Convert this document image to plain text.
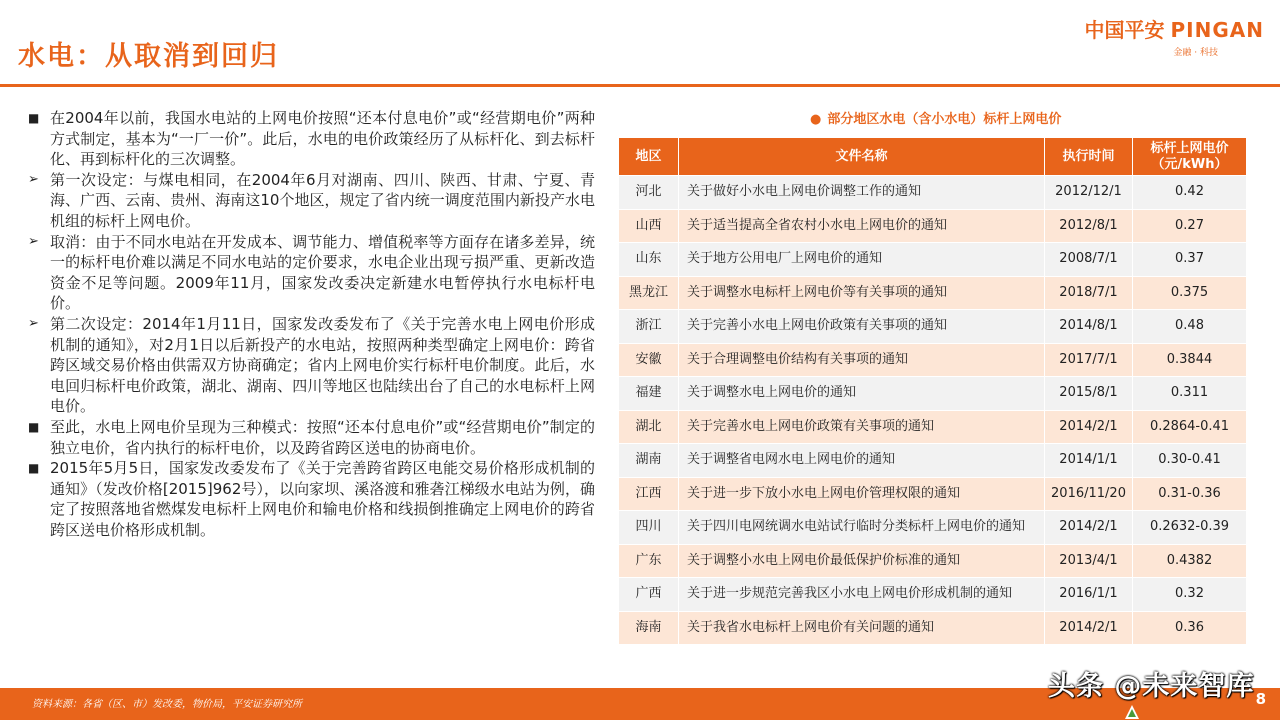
水电：从取消到回归
中国平安 PINGAN
金融 · 科技
■ 在2004年以前，我国水电站的上网电价按照“还本付息电价”或“经营期电价”两种方式制定，基本为“一厂一价”。此后，水电的电价政策经历了从标杆化、到去标杆化、再到标杆化的三次调整。
➢ 第一次设定：与煤电相同，在2004年6月对湖南、四川、陕西、甘肃、宁夏、青海、广西、云南、贵州、海南这10个地区，规定了省内统一调度范围内新投产水电机组的标杆上网电价。
➢ 取消：由于不同水电站在开发成本、调节能力、增值税率等方面存在诸多差异，统一的标杆电价难以满足不同水电站的定价要求，水电企业出现亏损严重、更新改造资金不足等问题。2009年11月，国家发改委决定新建水电暂停执行水电标杆电价。
➢ 第二次设定：2014年1月11日，国家发改委发布了《关于完善水电上网电价形成机制的通知》，对2月1日以后新投产的水电站，按照两种类型确定上网电价：跨省跨区域交易价格由供需双方协商确定；省内上网电价实行标杆电价制度。此后，水电回归标杆电价政策，湖北、湖南、四川等地区也陆续出台了自己的水电标杆上网电价。
■ 至此，水电上网电价呈现为三种模式：按照“还本付息电价”或“经营期电价”制定的独立电价，省内执行的标杆电价，以及跨省跨区送电的协商电价。
■ 2015年5月5日，国家发改委发布了《关于完善跨省跨区电能交易价格形成机制的通知》（发改价格[2015]962号），以向家坝、溪洛渡和雅砻江梯级水电站为例，确定了按照落地省燃煤发电标杆上网电价和输电价格和线损倒推确定上网电价的跨省跨区送电价格形成机制。
● 部分地区水电（含小水电）标杆上网电价
地区	文件名称	执行时间	标杆上网电价
（元/kWh）
河北	关于做好小水电上网电价调整工作的通知	2012/12/1	0.42
山西	关于适当提高全省农村小水电上网电价的通知	2012/8/1	0.27
山东	关于地方公用电厂上网电价的通知	2008/7/1	0.37
黑龙江	关于调整水电标杆上网电价等有关事项的通知	2018/7/1	0.375
浙江	关于完善小水电上网电价政策有关事项的通知	2014/8/1	0.48
安徽	关于合理调整电价结构有关事项的通知	2017/7/1	0.3844
福建	关于调整水电上网电价的通知	2015/8/1	0.311
湖北	关于完善水电上网电价政策有关事项的通知	2014/2/1	0.2864-0.41
湖南	关于调整省电网水电上网电价的通知	2014/1/1	0.30-0.41
江西	关于进一步下放小水电上网电价管理权限的通知	2016/11/20	0.31-0.36
四川	关于四川电网统调水电站试行临时分类标杆上网电价的通知	2014/2/1	0.2632-0.39
广东	关于调整小水电上网电价最低保护价标准的通知	2013/4/1	0.4382
广西	关于进一步规范完善我区小水电上网电价形成机制的通知	2016/1/1	0.32
海南	关于我省水电标杆上网电价有关问题的通知	2014/2/1	0.36
资料来源：各省（区、市）发改委，物价局，平安证券研究所
头条 @未来智库 8
